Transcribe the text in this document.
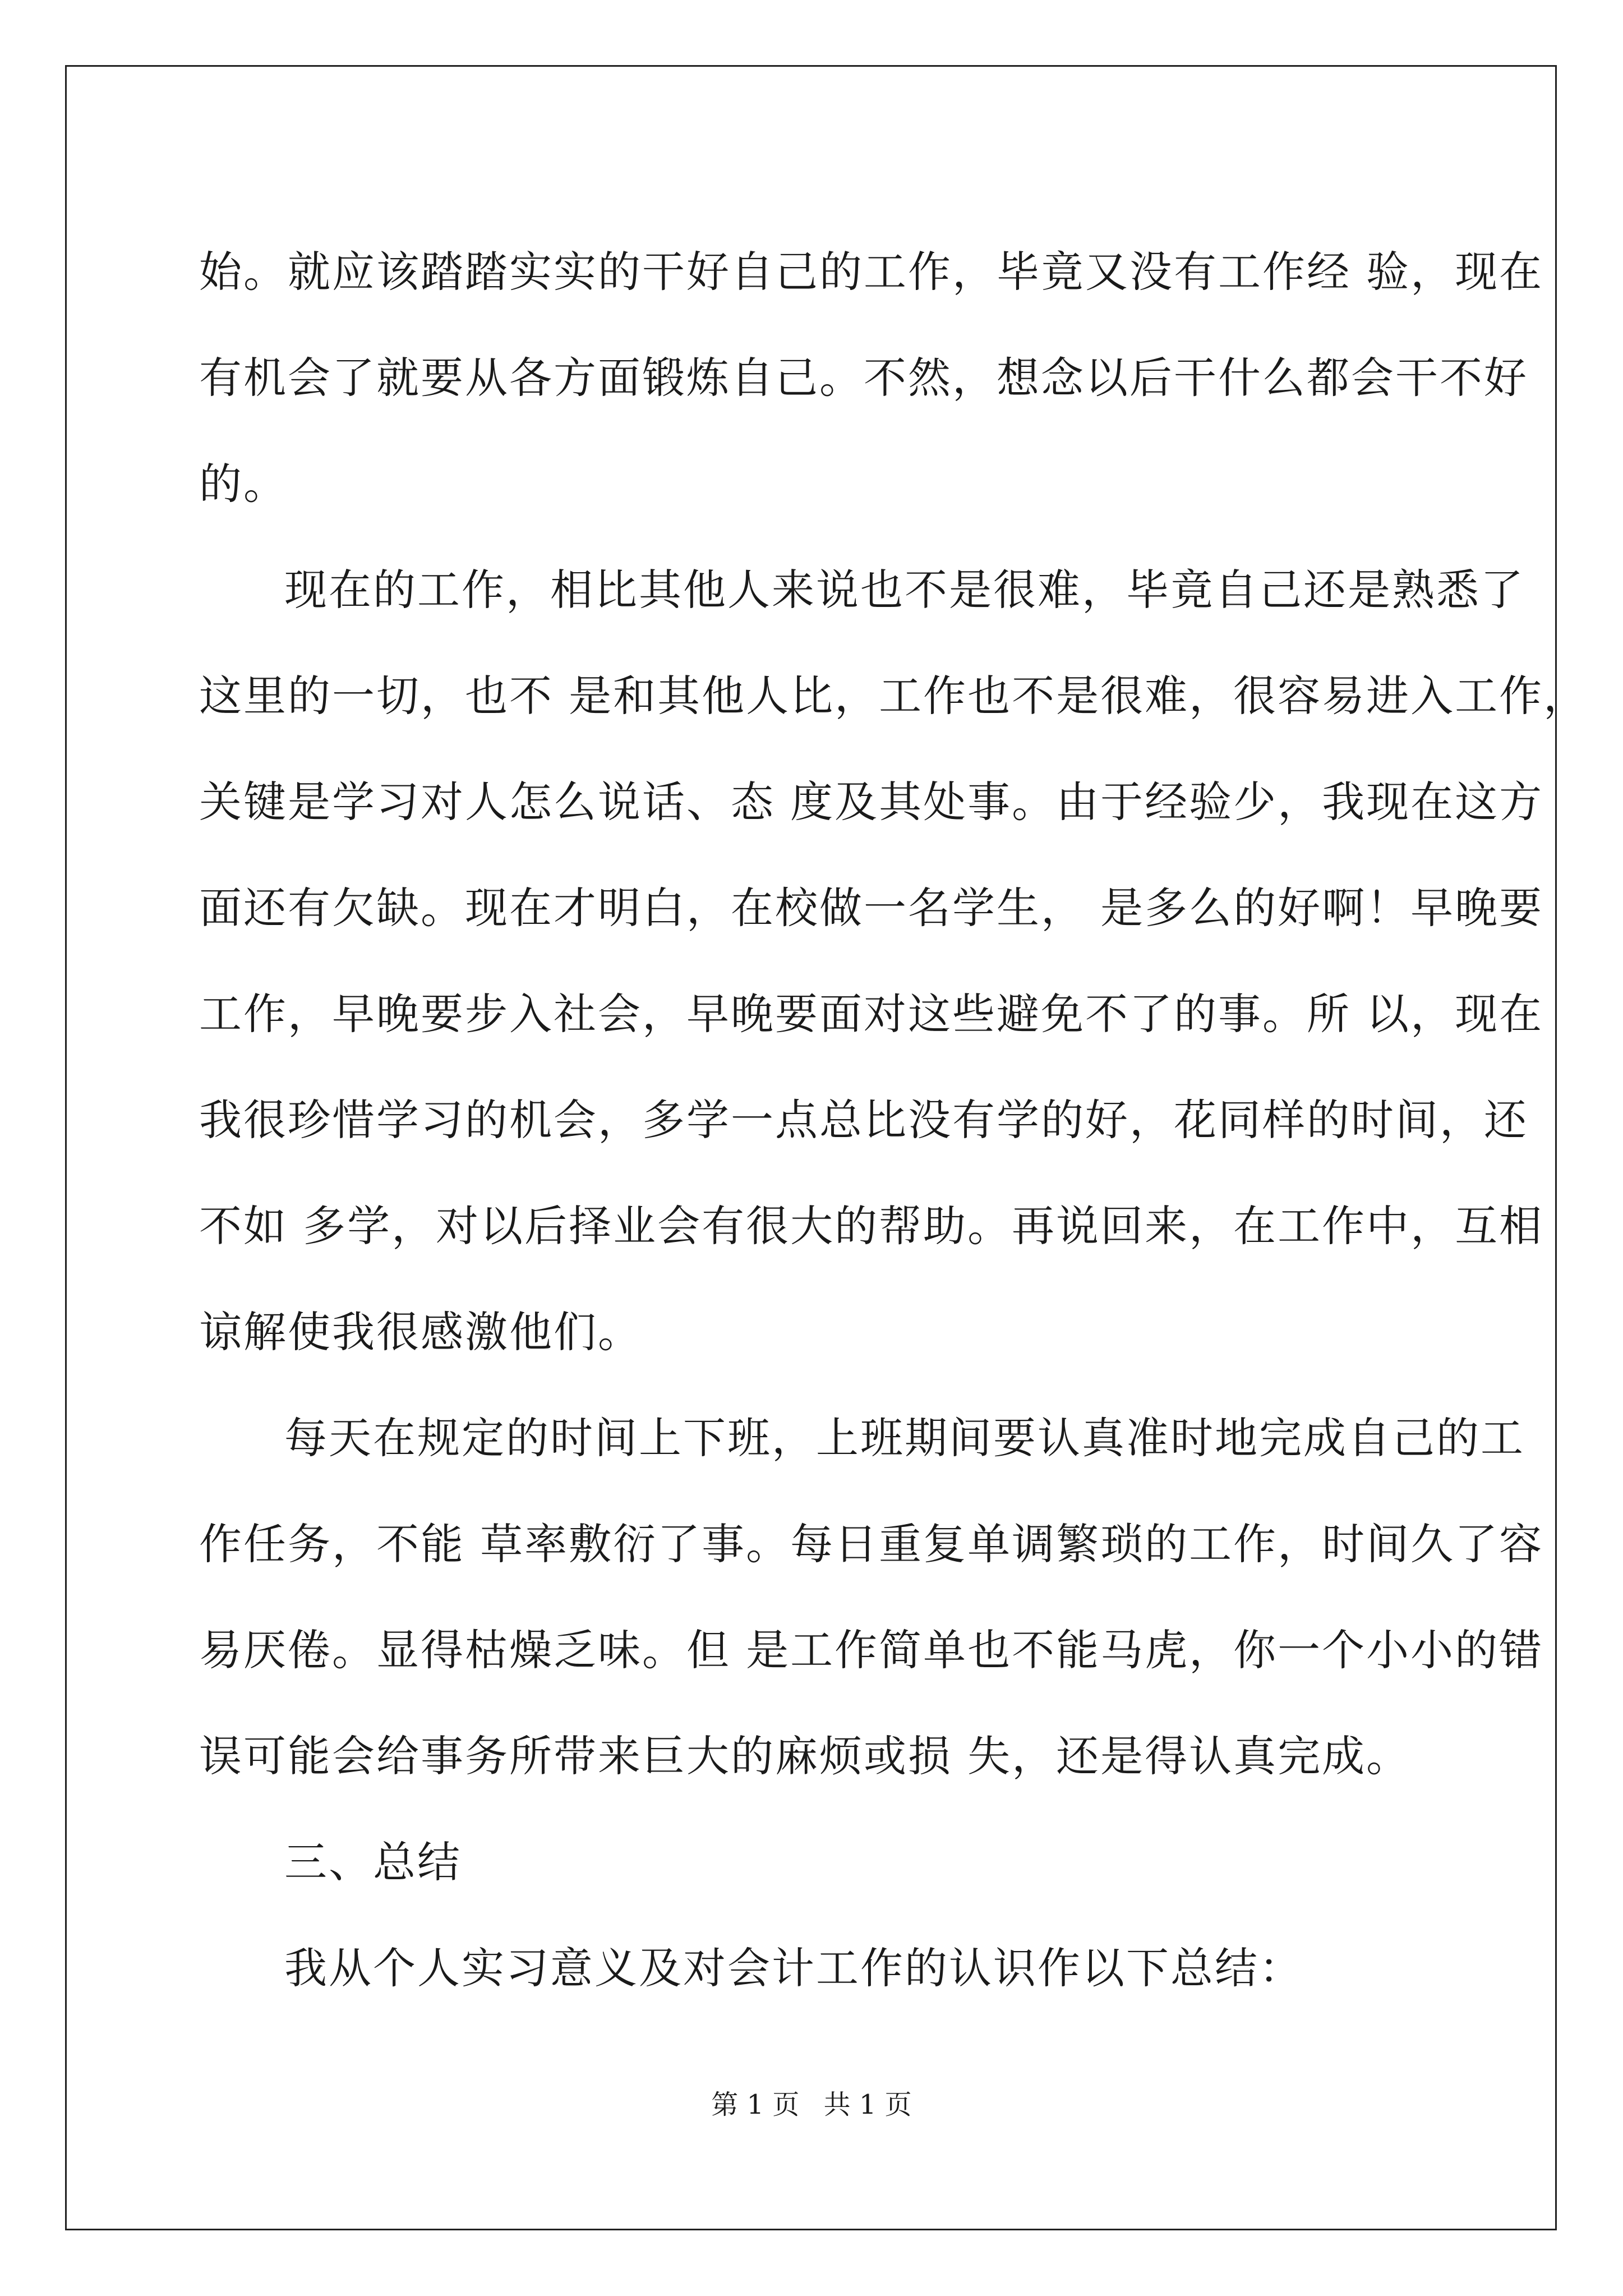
始。就应该踏踏实实的干好自己的工作，毕竟又没有工作经 验，现在
有机会了就要从各方面锻炼自己。不然，想念以后干什么都会干不好
的。
现在的工作，相比其他人来说也不是很难，毕竟自己还是熟悉了
这里的一切，也不 是和其他人比，工作也不是很难，很容易进入工作，
关键是学习对人怎么说话、态 度及其处事。由于经验少，我现在这方
面还有欠缺。现在才明白，在校做一名学生， 是多么的好啊！早晚要
工作，早晚要步入社会，早晚要面对这些避免不了的事。所 以，现在
我很珍惜学习的机会，多学一点总比没有学的好，花同样的时间，还
不如 多学，对以后择业会有很大的帮助。再说回来，在工作中，互相
谅解使我很感激他们。
每天在规定的时间上下班，上班期间要认真准时地完成自己的工
作任务，不能 草率敷衍了事。每日重复单调繁琐的工作，时间久了容
易厌倦。显得枯燥乏味。但 是工作简单也不能马虎，你一个小小的错
误可能会给事务所带来巨大的麻烦或损 失，还是得认真完成。
三、总结
我从个人实习意义及对会计工作的认识作以下总结：
第 1 页 共 1 页
